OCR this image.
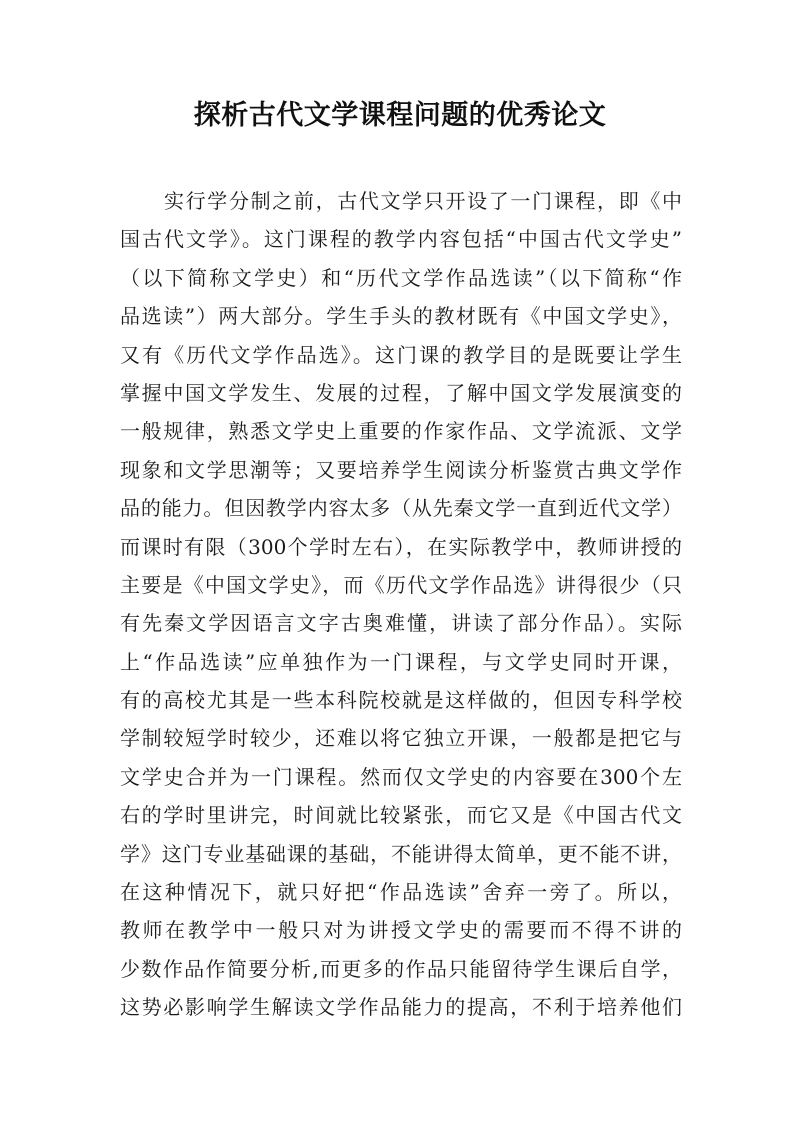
探析古代文学课程问题的优秀论文
实行学分制之前，古代文学只开设了一门课程，即《中
国古代文学》。这门课程的教学内容包括“中国古代文学史”
（以下简称文学史）和“历代文学作品选读”（以下简称“作
品选读”）两大部分。学生手头的教材既有《中国文学史》，
又有《历代文学作品选》。这门课的教学目的是既要让学生
掌握中国文学发生、发展的过程，了解中国文学发展演变的
一般规律，熟悉文学史上重要的作家作品、文学流派、文学
现象和文学思潮等；又要培养学生阅读分析鉴赏古典文学作
品的能力。但因教学内容太多（从先秦文学一直到近代文学）
而课时有限（300个学时左右），在实际教学中，教师讲授的
主要是《中国文学史》，而《历代文学作品选》讲得很少（只
有先秦文学因语言文字古奥难懂，讲读了部分作品）。实际
上“作品选读”应单独作为一门课程，与文学史同时开课，
有的高校尤其是一些本科院校就是这样做的，但因专科学校
学制较短学时较少，还难以将它独立开课，一般都是把它与
文学史合并为一门课程。然而仅文学史的内容要在300个左
右的学时里讲完，时间就比较紧张，而它又是《中国古代文
学》这门专业基础课的基础，不能讲得太简单，更不能不讲，
在这种情况下，就只好把“作品选读”舍弃一旁了。所以，
教师在教学中一般只对为讲授文学史的需要而不得不讲的
少数作品作简要分析,而更多的作品只能留待学生课后自学，
这势必影响学生解读文学作品能力的提高，不利于培养他们
